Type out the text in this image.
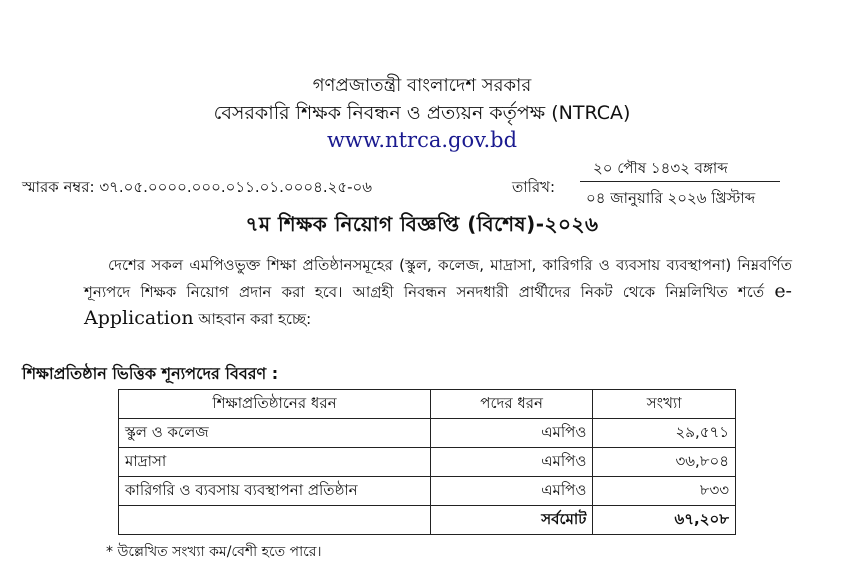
গণপ্রজাতন্ত্রী বাংলাদেশ সরকার
বেসরকারি শিক্ষক নিবন্ধন ও প্রত্যয়ন কর্তৃপক্ষ (NTRCA)
www.ntrca.gov.bd
স্মারক নম্বর: ৩৭.০৫.০০০০.০০০.০১১.০১.০০০৪.২৫-০৬	তারিখ:
২০ পৌষ ১৪৩২ বঙ্গাব্দ
০৪ জানুয়ারি ২০২৬ খ্রিস্টাব্দ
৭ম শিক্ষক নিয়োগ বিজ্ঞপ্তি (বিশেষ)-২০২৬
দেশের সকল এমপিওভুক্ত শিক্ষা প্রতিষ্ঠানসমূহের (স্কুল, কলেজ, মাদ্রাসা, কারিগরি ও ব্যবসায় ব্যবস্থাপনা) নিম্নবর্ণিত শূন্যপদে শিক্ষক নিয়োগ প্রদান করা হবে। আগ্রহী নিবন্ধন সনদধারী প্রার্থীদের নিকট থেকে নিম্নলিখিত শর্তে e-Application আহবান করা হচ্ছে:
শিক্ষাপ্রতিষ্ঠান ভিত্তিক শূন্যপদের বিবরণ :
শিক্ষাপ্রতিষ্ঠানের ধরন	পদের ধরন	সংখ্যা
স্কুল ও কলেজ	এমপিও	২৯,৫৭১
মাদ্রাসা	এমপিও	৩৬,৮০৪
কারিগরি ও ব্যবসায় ব্যবস্থাপনা প্রতিষ্ঠান	এমপিও	৮৩৩
	সর্বমোট	৬৭,২০৮
* উল্লেখিত সংখ্যা কম/বেশী হতে পারে।
